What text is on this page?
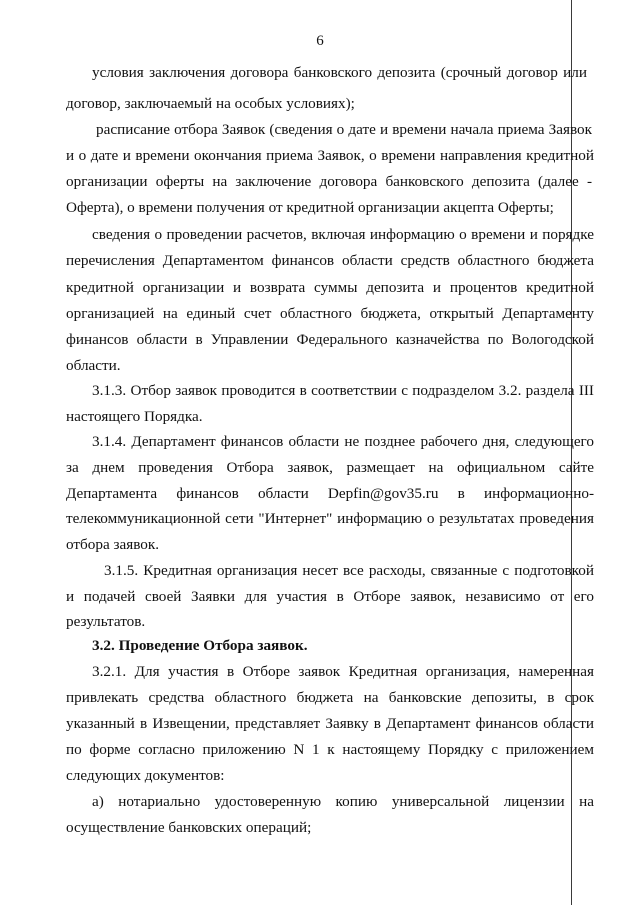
6
условия заключения договора банковского депозита (срочный договор или
договор, заключаемый на особых условиях);
расписание отбора Заявок (сведения о дате и времени начала приема Заявок
и о дате и времени окончания приема Заявок, о времени направления кредитной
организации оферты на заключение договора банковского депозита (далее -
Оферта), о времени получения от кредитной организации акцепта Оферты;
сведения о проведении расчетов, включая информацию о времени и порядке
перечисления Департаментом финансов области средств областного бюджета
кредитной организации и возврата суммы депозита и процентов кредитной
организацией на единый счет областного бюджета, открытый Департаменту
финансов области в Управлении Федерального казначейства по Вологодской
области.
3.1.3. Отбор заявок проводится в соответствии с подразделом 3.2. раздела III
настоящего Порядка.
3.1.4. Департамент финансов области не позднее рабочего дня, следующего
за днем проведения Отбора заявок, размещает на официальном сайте
Департамента финансов области Depfin@gov35.ru в информационно-
телекоммуникационной сети "Интернет" информацию о результатах проведения
отбора заявок.
3.1.5. Кредитная организация несет все расходы, связанные с подготовкой
и подачей своей Заявки для участия в Отборе заявок, независимо от его
результатов.
3.2. Проведение Отбора заявок.
3.2.1. Для участия в Отборе заявок Кредитная организация, намеренная
привлекать средства областного бюджета на банковские депозиты, в срок
указанный в Извещении, представляет Заявку в Департамент финансов области
по форме согласно приложению N 1 к настоящему Порядку с приложением
следующих документов:
а) нотариально удостоверенную копию универсальной лицензии на
осуществление банковских операций;
